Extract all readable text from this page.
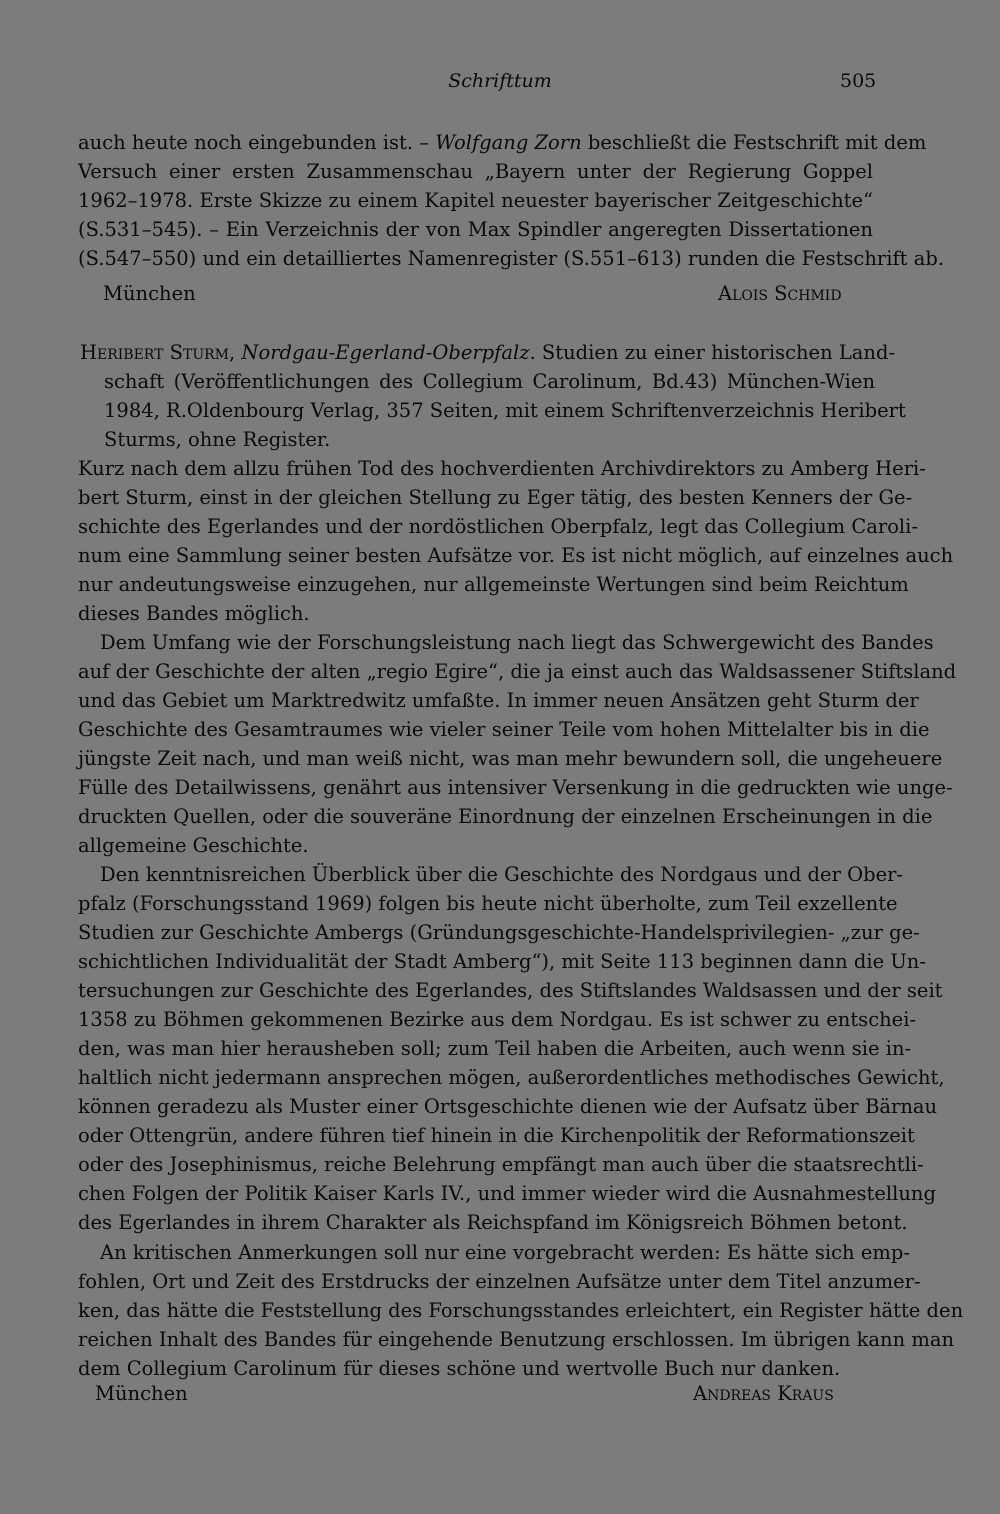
Schrifttum	505
auch heute noch eingebunden ist. – Wolfgang Zorn beschließt die Festschrift mit dem
Versuch einer ersten Zusammenschau „Bayern unter der Regierung Goppel
1962–1978. Erste Skizze zu einem Kapitel neuester bayerischer Zeitgeschichte“
(S.531–545). – Ein Verzeichnis der von Max Spindler angeregten Dissertationen
(S.547–550) und ein detailliertes Namenregister (S.551–613) runden die Festschrift ab.
München	Alois Schmid
Heribert Sturm, Nordgau-Egerland-Oberpfalz. Studien zu einer historischen Land-
schaft (Veröffentlichungen des Collegium Carolinum, Bd.43) München-Wien
1984, R.Oldenbourg Verlag, 357 Seiten, mit einem Schriftenverzeichnis Heribert
Sturms, ohne Register.
Kurz nach dem allzu frühen Tod des hochverdienten Archivdirektors zu Amberg Heri-
bert Sturm, einst in der gleichen Stellung zu Eger tätig, des besten Kenners der Ge-
schichte des Egerlandes und der nordöstlichen Oberpfalz, legt das Collegium Caroli-
num eine Sammlung seiner besten Aufsätze vor. Es ist nicht möglich, auf einzelnes auch
nur andeutungsweise einzugehen, nur allgemeinste Wertungen sind beim Reichtum
dieses Bandes möglich.
Dem Umfang wie der Forschungsleistung nach liegt das Schwergewicht des Bandes
auf der Geschichte der alten „regio Egire“, die ja einst auch das Waldsassener Stiftsland
und das Gebiet um Marktredwitz umfaßte. In immer neuen Ansätzen geht Sturm der
Geschichte des Gesamtraumes wie vieler seiner Teile vom hohen Mittelalter bis in die
jüngste Zeit nach, und man weiß nicht, was man mehr bewundern soll, die ungeheuere
Fülle des Detailwissens, genährt aus intensiver Versenkung in die gedruckten wie unge-
druckten Quellen, oder die souveräne Einordnung der einzelnen Erscheinungen in die
allgemeine Geschichte.
Den kenntnisreichen Überblick über die Geschichte des Nordgaus und der Ober-
pfalz (Forschungsstand 1969) folgen bis heute nicht überholte, zum Teil exzellente
Studien zur Geschichte Ambergs (Gründungsgeschichte-Handelsprivilegien- „zur ge-
schichtlichen Individualität der Stadt Amberg“), mit Seite 113 beginnen dann die Un-
tersuchungen zur Geschichte des Egerlandes, des Stiftslandes Waldsassen und der seit
1358 zu Böhmen gekommenen Bezirke aus dem Nordgau. Es ist schwer zu entschei-
den, was man hier herausheben soll; zum Teil haben die Arbeiten, auch wenn sie in-
haltlich nicht jedermann ansprechen mögen, außerordentliches methodisches Gewicht,
können geradezu als Muster einer Ortsgeschichte dienen wie der Aufsatz über Bärnau
oder Ottengrün, andere führen tief hinein in die Kirchenpolitik der Reformationszeit
oder des Josephinismus, reiche Belehrung empfängt man auch über die staatsrechtli-
chen Folgen der Politik Kaiser Karls IV., und immer wieder wird die Ausnahmestellung
des Egerlandes in ihrem Charakter als Reichspfand im Königsreich Böhmen betont.
An kritischen Anmerkungen soll nur eine vorgebracht werden: Es hätte sich emp-
fohlen, Ort und Zeit des Erstdrucks der einzelnen Aufsätze unter dem Titel anzumer-
ken, das hätte die Feststellung des Forschungsstandes erleichtert, ein Register hätte den
reichen Inhalt des Bandes für eingehende Benutzung erschlossen. Im übrigen kann man
dem Collegium Carolinum für dieses schöne und wertvolle Buch nur danken.
München	Andreas Kraus
